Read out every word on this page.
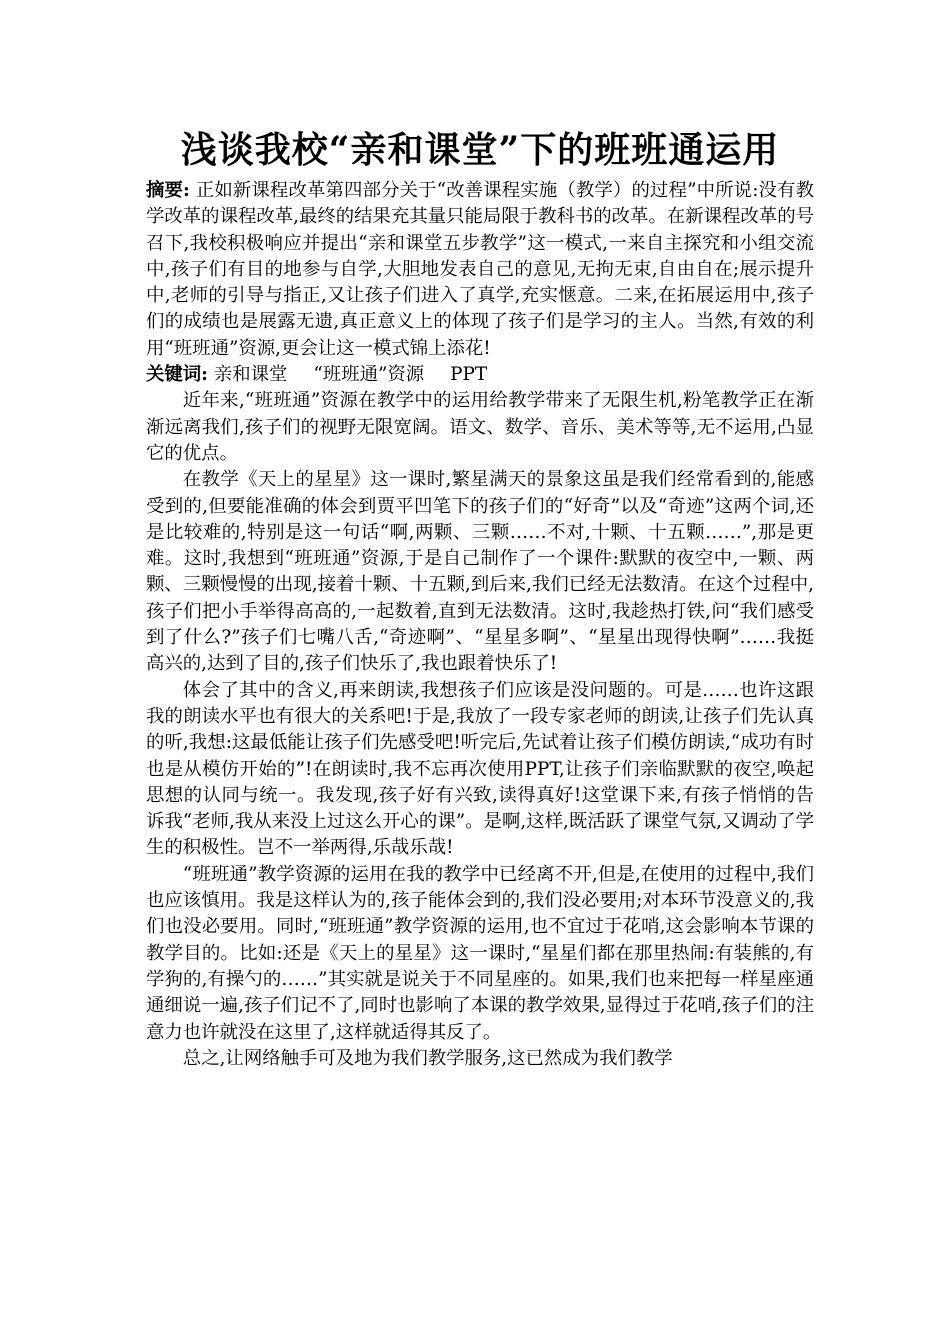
浅谈我校“亲和课堂”下的班班通运用

摘要: 正如新课程改革第四部分关于“改善课程实施（教学）的过程”中所说:没有教学改革的课程改革,最终的结果充其量只能局限于教科书的改革。在新课程改革的号召下,我校积极响应并提出“亲和课堂五步教学”这一模式,一来自主探究和小组交流中,孩子们有目的地参与自学,大胆地发表自己的意见,无拘无束,自由自在;展示提升中,老师的引导与指正,又让孩子们进入了真学,充实惬意。二来,在拓展运用中,孩子们的成绩也是展露无遗,真正意义上的体现了孩子们是学习的主人。当然,有效的利用“班班通”资源,更会让这一模式锦上添花!

关键词: 亲和课堂 “班班通”资源 PPT

近年来,“班班通”资源在教学中的运用给教学带来了无限生机,粉笔教学正在渐渐远离我们,孩子们的视野无限宽阔。语文、数学、音乐、美术等等,无不运用,凸显它的优点。

在教学《天上的星星》这一课时,繁星满天的景象这虽是我们经常看到的,能感受到的,但要能准确的体会到贾平凹笔下的孩子们的“好奇”以及“奇迹”这两个词,还是比较难的,特别是这一句话“啊,两颗、三颗……不对,十颗、十五颗……”,那是更难。这时,我想到“班班通”资源,于是自己制作了一个课件:默默的夜空中,一颗、两颗、三颗慢慢的出现,接着十颗、十五颗,到后来,我们已经无法数清。在这个过程中,孩子们把小手举得高高的,一起数着,直到无法数清。这时,我趁热打铁,问“我们感受到了什么?”孩子们七嘴八舌,“奇迹啊”、“星星多啊”、“星星出现得快啊”……我挺高兴的,达到了目的,孩子们快乐了,我也跟着快乐了!

体会了其中的含义,再来朗读,我想孩子们应该是没问题的。可是……也许这跟我的朗读水平也有很大的关系吧!于是,我放了一段专家老师的朗读,让孩子们先认真的听,我想:这最低能让孩子们先感受吧!听完后,先试着让孩子们模仿朗读,“成功有时也是从模仿开始的”!在朗读时,我不忘再次使用PPT,让孩子们亲临默默的夜空,唤起思想的认同与统一。我发现,孩子好有兴致,读得真好!这堂课下来,有孩子悄悄的告诉我“老师,我从来没上过这么开心的课”。是啊,这样,既活跃了课堂气氛,又调动了学生的积极性。岂不一举两得,乐哉乐哉!

“班班通”教学资源的运用在我的教学中已经离不开,但是,在使用的过程中,我们也应该慎用。我是这样认为的,孩子能体会到的,我们没必要用;对本环节没意义的,我们也没必要用。同时,“班班通”教学资源的运用,也不宜过于花哨,这会影响本节课的教学目的。比如:还是《天上的星星》这一课时,“星星们都在那里热闹:有装熊的,有学狗的,有操勺的……”其实就是说关于不同星座的。如果,我们也来把每一样星座通通细说一遍,孩子们记不了,同时也影响了本课的教学效果,显得过于花哨,孩子们的注意力也许就没在这里了,这样就适得其反了。

总之,让网络触手可及地为我们教学服务,这已然成为我们教学
